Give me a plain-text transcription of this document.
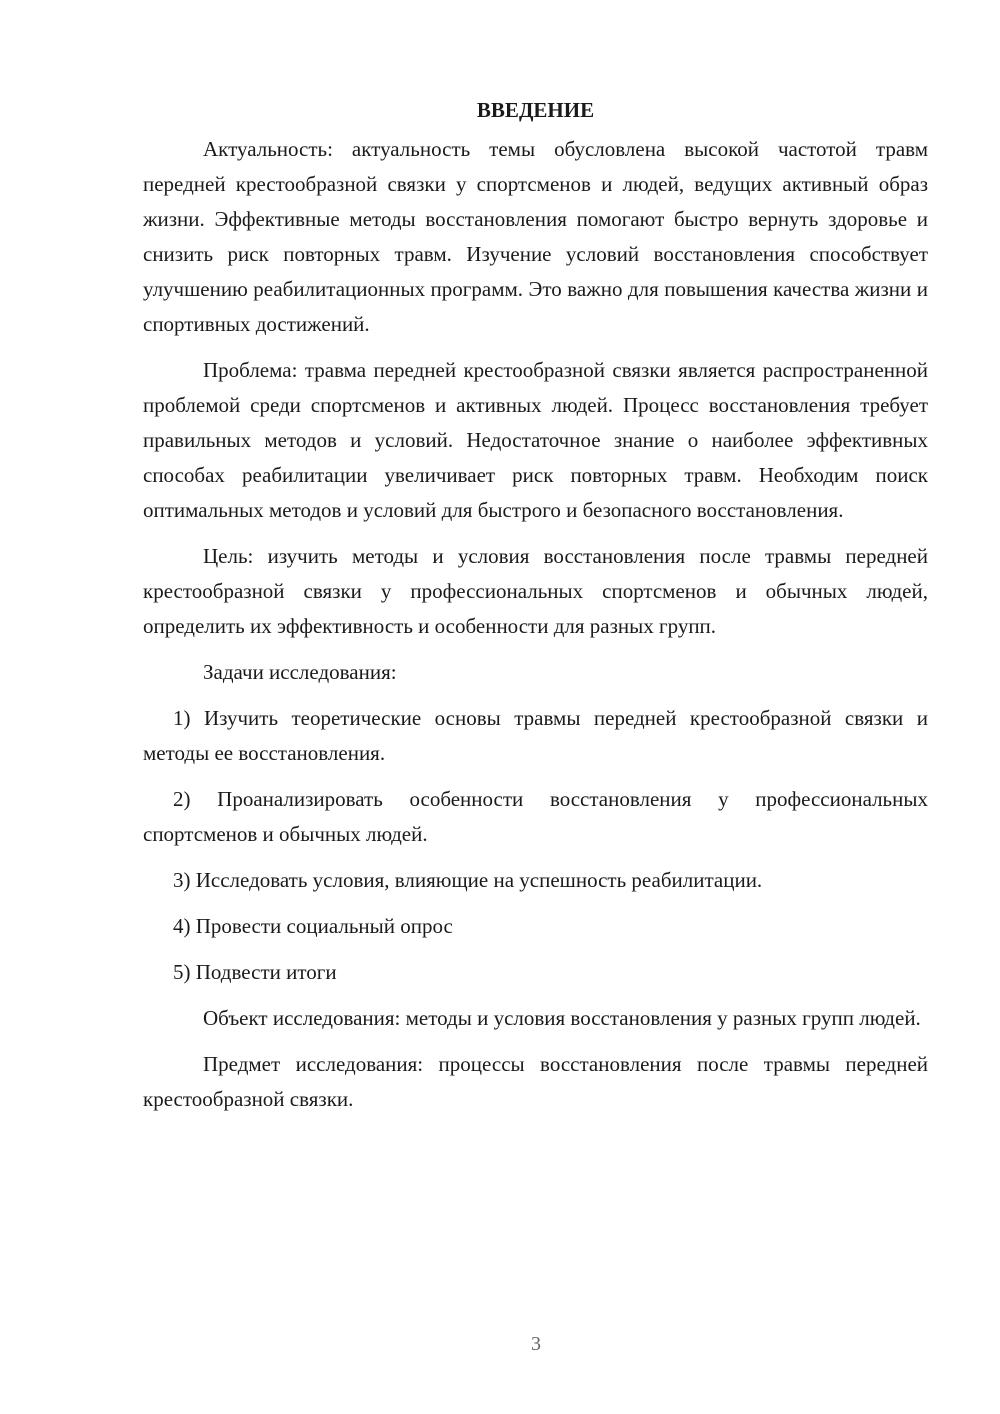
ВВЕДЕНИЕ

Актуальность: актуальность темы обусловлена высокой частотой травм передней крестообразной связки у спортсменов и людей, ведущих активный образ жизни. Эффективные методы восстановления помогают быстро вернуть здоровье и снизить риск повторных травм. Изучение условий восстановления способствует улучшению реабилитационных программ. Это важно для повышения качества жизни и спортивных достижений.

Проблема: травма передней крестообразной связки является распространенной проблемой среди спортсменов и активных людей. Процесс восстановления требует правильных методов и условий. Недостаточное знание о наиболее эффективных способах реабилитации увеличивает риск повторных травм. Необходим поиск оптимальных методов и условий для быстрого и безопасного восстановления.

Цель: изучить методы и условия восстановления после травмы передней крестообразной связки у профессиональных спортсменов и обычных людей, определить их эффективность и особенности для разных групп.

Задачи исследования:

1) Изучить теоретические основы травмы передней крестообразной связки и методы ее восстановления.

2) Проанализировать особенности восстановления у профессиональных спортсменов и обычных людей.

3) Исследовать условия, влияющие на успешность реабилитации.

4) Провести социальный опрос

5) Подвести итоги

Объект исследования: методы и условия восстановления у разных групп людей.

Предмет исследования: процессы восстановления после травмы передней крестообразной связки.

3
